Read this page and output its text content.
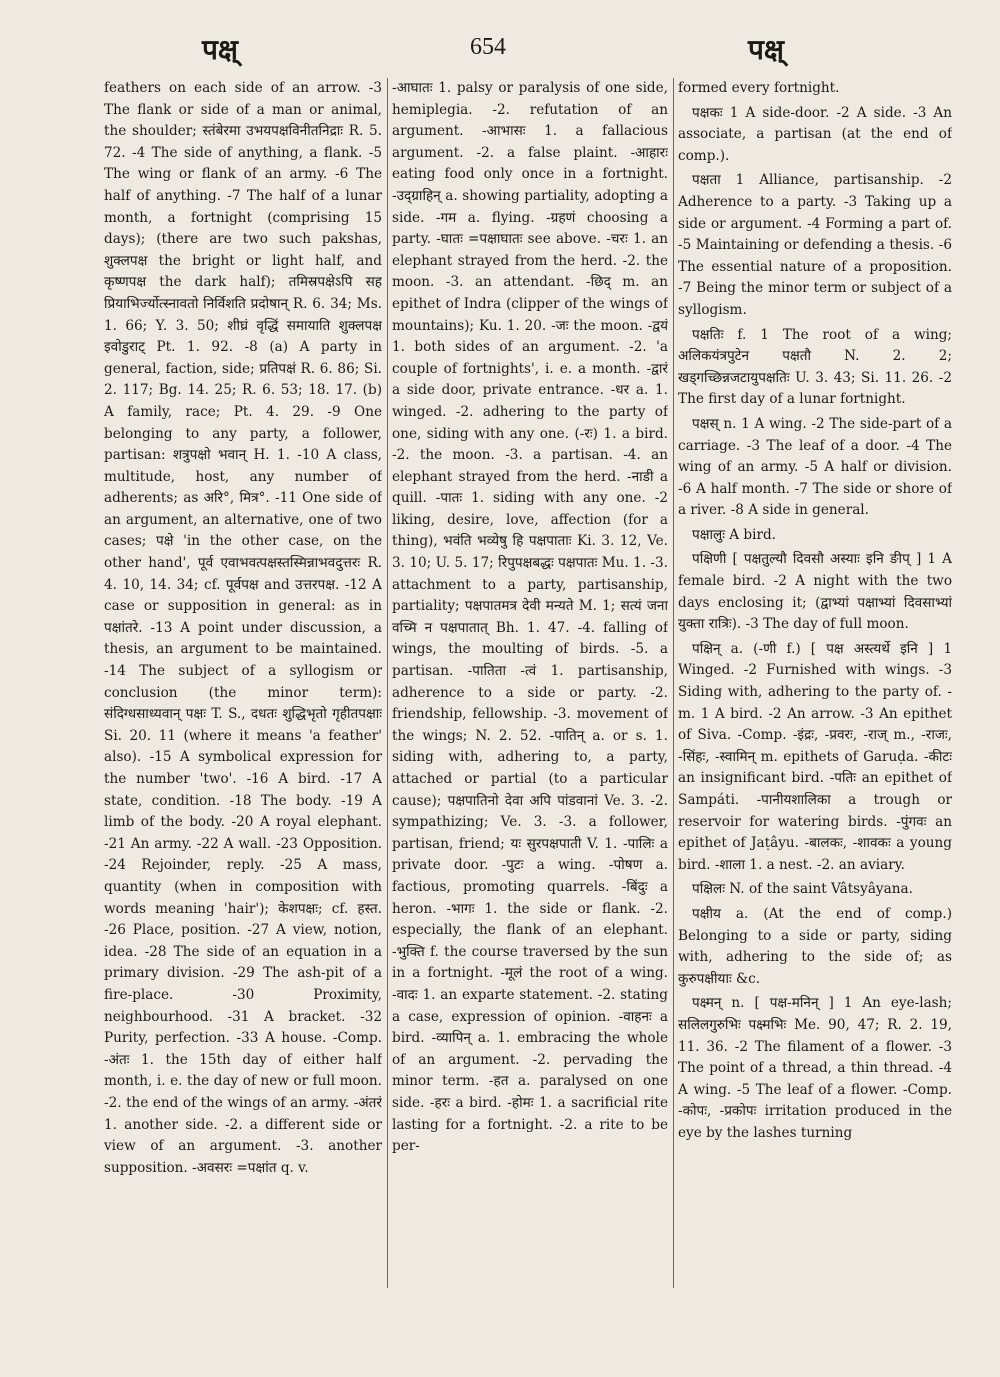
पक्ष्	654	पक्ष्

feathers on each side of an arrow. -3 The flank or side of a man or animal, the shoulder; स्तंबेरमा उभयपक्षविनीतनिद्राः R. 5. 72. -4 The side of anything, a flank. -5 The wing or flank of an army. -6 The half of anything. -7 The half of a lunar month, a fortnight (comprising 15 days); (there are two such pakshas, शुक्लपक्ष the bright or light half, and कृष्णपक्ष the dark half); तमिस्रपक्षेऽपि सह प्रियाभिर्ज्योत्स्नावतो निर्विशति प्रदोषान् R. 6. 34; Ms. 1. 66; Y. 3. 50; शीघ्रं वृद्धिं समायाति शुक्लपक्ष इवोडुराट् Pt. 1. 92. -8 (a) A party in general, faction, side; प्रतिपक्षं R. 6. 86; Si. 2. 117; Bg. 14. 25; R. 6. 53; 18. 17. (b) A family, race; Pt. 4. 29. -9 One belonging to any party, a follower, partisan: शत्रुपक्षो भवान् H. 1. -10 A class, multitude, host, any number of adherents; as अरि°, मित्र°. -11 One side of an argument, an alternative, one of two cases; पक्षे 'in the other case, on the other hand', पूर्व एवाभवत्पक्षस्तस्मिन्नाभवदुत्तरः R. 4. 10, 14. 34; cf. पूर्वपक्ष and उत्तरपक्ष. -12 A case or supposition in general: as in पक्षांतरे. -13 A point under discussion, a thesis, an argument to be maintained. -14 The subject of a syllogism or conclusion (the minor term): संदिग्धसाध्यवान् पक्षः T. S., दधतः शुद्धिभृतो गृहीतपक्षाः Si. 20. 11 (where it means 'a feather' also). -15 A symbolical expression for the number 'two'. -16 A bird. -17 A state, condition. -18 The body. -19 A limb of the body. -20 A royal elephant. -21 An army. -22 A wall. -23 Opposition. -24 Rejoinder, reply. -25 A mass, quantity (when in composition with words meaning 'hair'); केशपक्षः; cf. हस्त. -26 Place, position. -27 A view, notion, idea. -28 The side of an equation in a primary division. -29 The ash-pit of a fire-place. -30 Proximity, neighbourhood. -31 A bracket. -32 Purity, perfection. -33 A house. -Comp. -अंतः 1. the 15th day of either half month, i. e. the day of new or full moon. -2. the end of the wings of an army. -अंतरं 1. another side. -2. a different side or view of an argument. -3. another supposition. -अवसरः =पक्षांत q. v.

-आघातः 1. palsy or paralysis of one side, hemiplegia. -2. refutation of an argument. -आभासः 1. a fallacious argument. -2. a false plaint. -आहारः eating food only once in a fortnight. -उद्ग्राहिन् a. showing partiality, adopting a side. -गम a. flying. -ग्रहणं choosing a party. -घातः =पक्षाघातः see above. -चरः 1. an elephant strayed from the herd. -2. the moon. -3. an attendant. -छिद् m. an epithet of Indra (clipper of the wings of mountains); Ku. 1. 20. -जः the moon. -द्वयं 1. both sides of an argument. -2. 'a couple of fortnights', i. e. a month. -द्वारं a side door, private entrance. -धर a. 1. winged. -2. adhering to the party of one, siding with any one. (-रः) 1. a bird. -2. the moon. -3. a partisan. -4. an elephant strayed from the herd. -नाडी a quill. -पातः 1. siding with any one. -2 liking, desire, love, affection (for a thing), भवंति भव्येषु हि पक्षपाताः Ki. 3. 12, Ve. 3. 10; U. 5. 17; रिपुपक्षबद्धः पक्षपातः Mu. 1. -3. attachment to a party, partisanship, partiality; पक्षपातमत्र देवी मन्यते M. 1; सत्यं जना वच्मि न पक्षपातात् Bh. 1. 47. -4. falling of wings, the moulting of birds. -5. a partisan. -पातिता -त्वं 1. partisanship, adherence to a side or party. -2. friendship, fellowship. -3. movement of the wings; N. 2. 52. -पातिन् a. or s. 1. siding with, adhering to, a party, attached or partial (to a particular cause); पक्षपातिनो देवा अपि पांडवानां Ve. 3. -2. sympathizing; Ve. 3. -3. a follower, partisan, friend; यः सुरपक्षपाती V. 1. -पालिः a private door. -पुटः a wing. -पोषण a. factious, promoting quarrels. -बिंदुः a heron. -भागः 1. the side or flank. -2. especially, the flank of an elephant. -भुक्ति f. the course traversed by the sun in a fortnight. -मूलं the root of a wing. -वादः 1. an exparte statement. -2. stating a case, expression of opinion. -वाहनः a bird. -व्यापिन् a. 1. embracing the whole of an argument. -2. pervading the minor term. -हत a. paralysed on one side. -हरः a bird. -होमः 1. a sacrificial rite lasting for a fortnight. -2. a rite to be per-

formed every fortnight.

पक्षकः 1 A side-door. -2 A side. -3 An associate, a partisan (at the end of comp.).

पक्षता 1 Alliance, partisanship. -2 Adherence to a party. -3 Taking up a side or argument. -4 Forming a part of. -5 Maintaining or defending a thesis. -6 The essential nature of a proposition. -7 Being the minor term or subject of a syllogism.

पक्षतिः f. 1 The root of a wing; अलिकयंत्रपुटेन पक्षतौ N. 2. 2; खड्गच्छिन्नजटायुपक्षतिः U. 3. 43; Si. 11. 26. -2 The first day of a lunar fortnight.

पक्षस् n. 1 A wing. -2 The side-part of a carriage. -3 The leaf of a door. -4 The wing of an army. -5 A half or division. -6 A half month. -7 The side or shore of a river. -8 A side in general.

पक्षालुः A bird.

पक्षिणी [ पक्षतुल्यौ दिवसौ अस्याः इनि ङीप् ] 1 A female bird. -2 A night with the two days enclosing it; (द्वाभ्यां पक्षाभ्यां दिवसाभ्यां युक्ता रात्रिः). -3 The day of full moon.

पक्षिन् a. (-णी f.) [ पक्ष अस्त्यर्थे इनि ] 1 Winged. -2 Furnished with wings. -3 Siding with, adhering to the party of. -m. 1 A bird. -2 An arrow. -3 An epithet of Siva. -Comp. -इंद्रः, -प्रवरः, -राज् m., -राजः, -सिंहः, -स्वामिन् m. epithets of Garuḍa. -कीटः an insignificant bird. -पतिः an epithet of Sampáti. -पानीयशालिका a trough or reservoir for watering birds. -पुंगवः an epithet of Jaṭâyu. -बालकः, -शावकः a young bird. -शाला 1. a nest. -2. an aviary.

पक्षिलः N. of the saint Vâtsyâyana.

पक्षीय a. (At the end of comp.) Belonging to a side or party, siding with, adhering to the side of; as कुरुपक्षीयाः &c.

पक्ष्मन् n. [ पक्ष-मनिन् ] 1 An eye-lash; सलिलगुरुभिः पक्ष्मभिः Me. 90, 47; R. 2. 19, 11. 36. -2 The filament of a flower. -3 The point of a thread, a thin thread. -4 A wing. -5 The leaf of a flower. -Comp. -कोपः, -प्रकोपः irritation produced in the eye by the lashes turning
